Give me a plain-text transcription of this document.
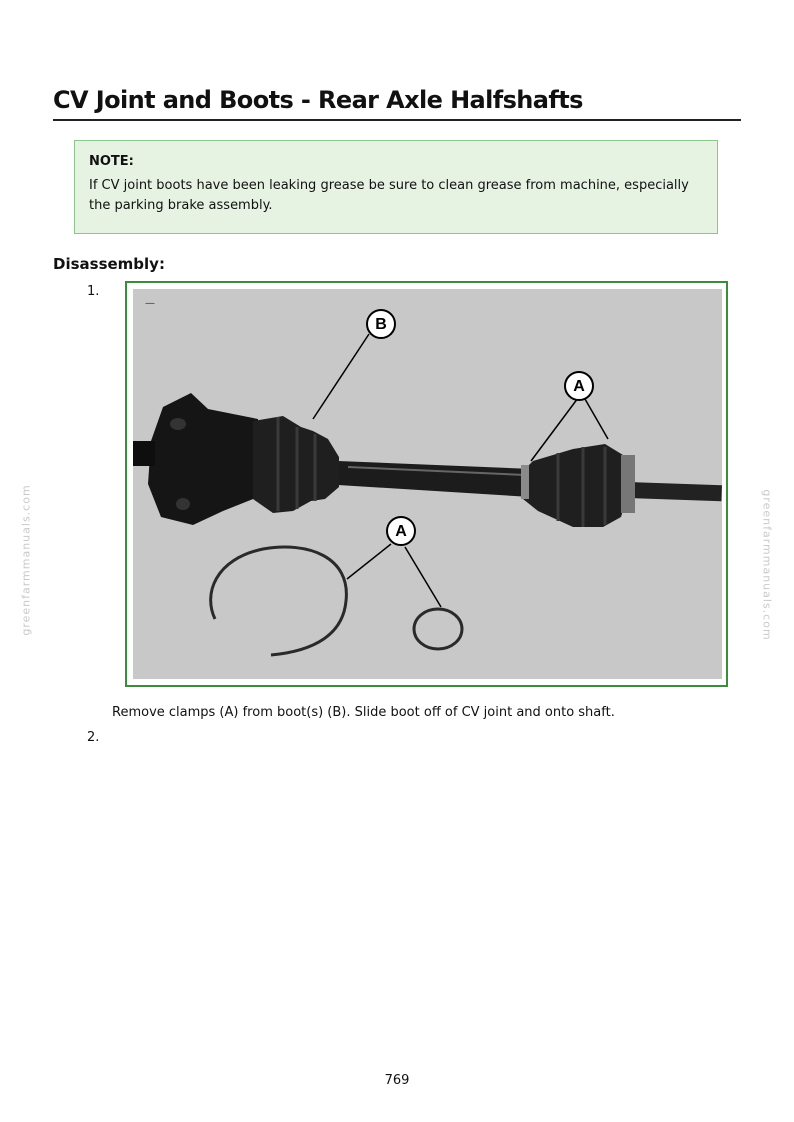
CV Joint and Boots - Rear Axle Halfshafts
NOTE:
If CV joint boots have been leaking grease be sure to clean grease from machine, especially the parking brake assembly.
Disassembly:
1.
—
B
A
A

Remove clamps (A) from boot(s) (B). Slide boot off of CV joint and onto shaft.

2.
greenfarmmanuals.com	greenfarmmanuals.com
769
